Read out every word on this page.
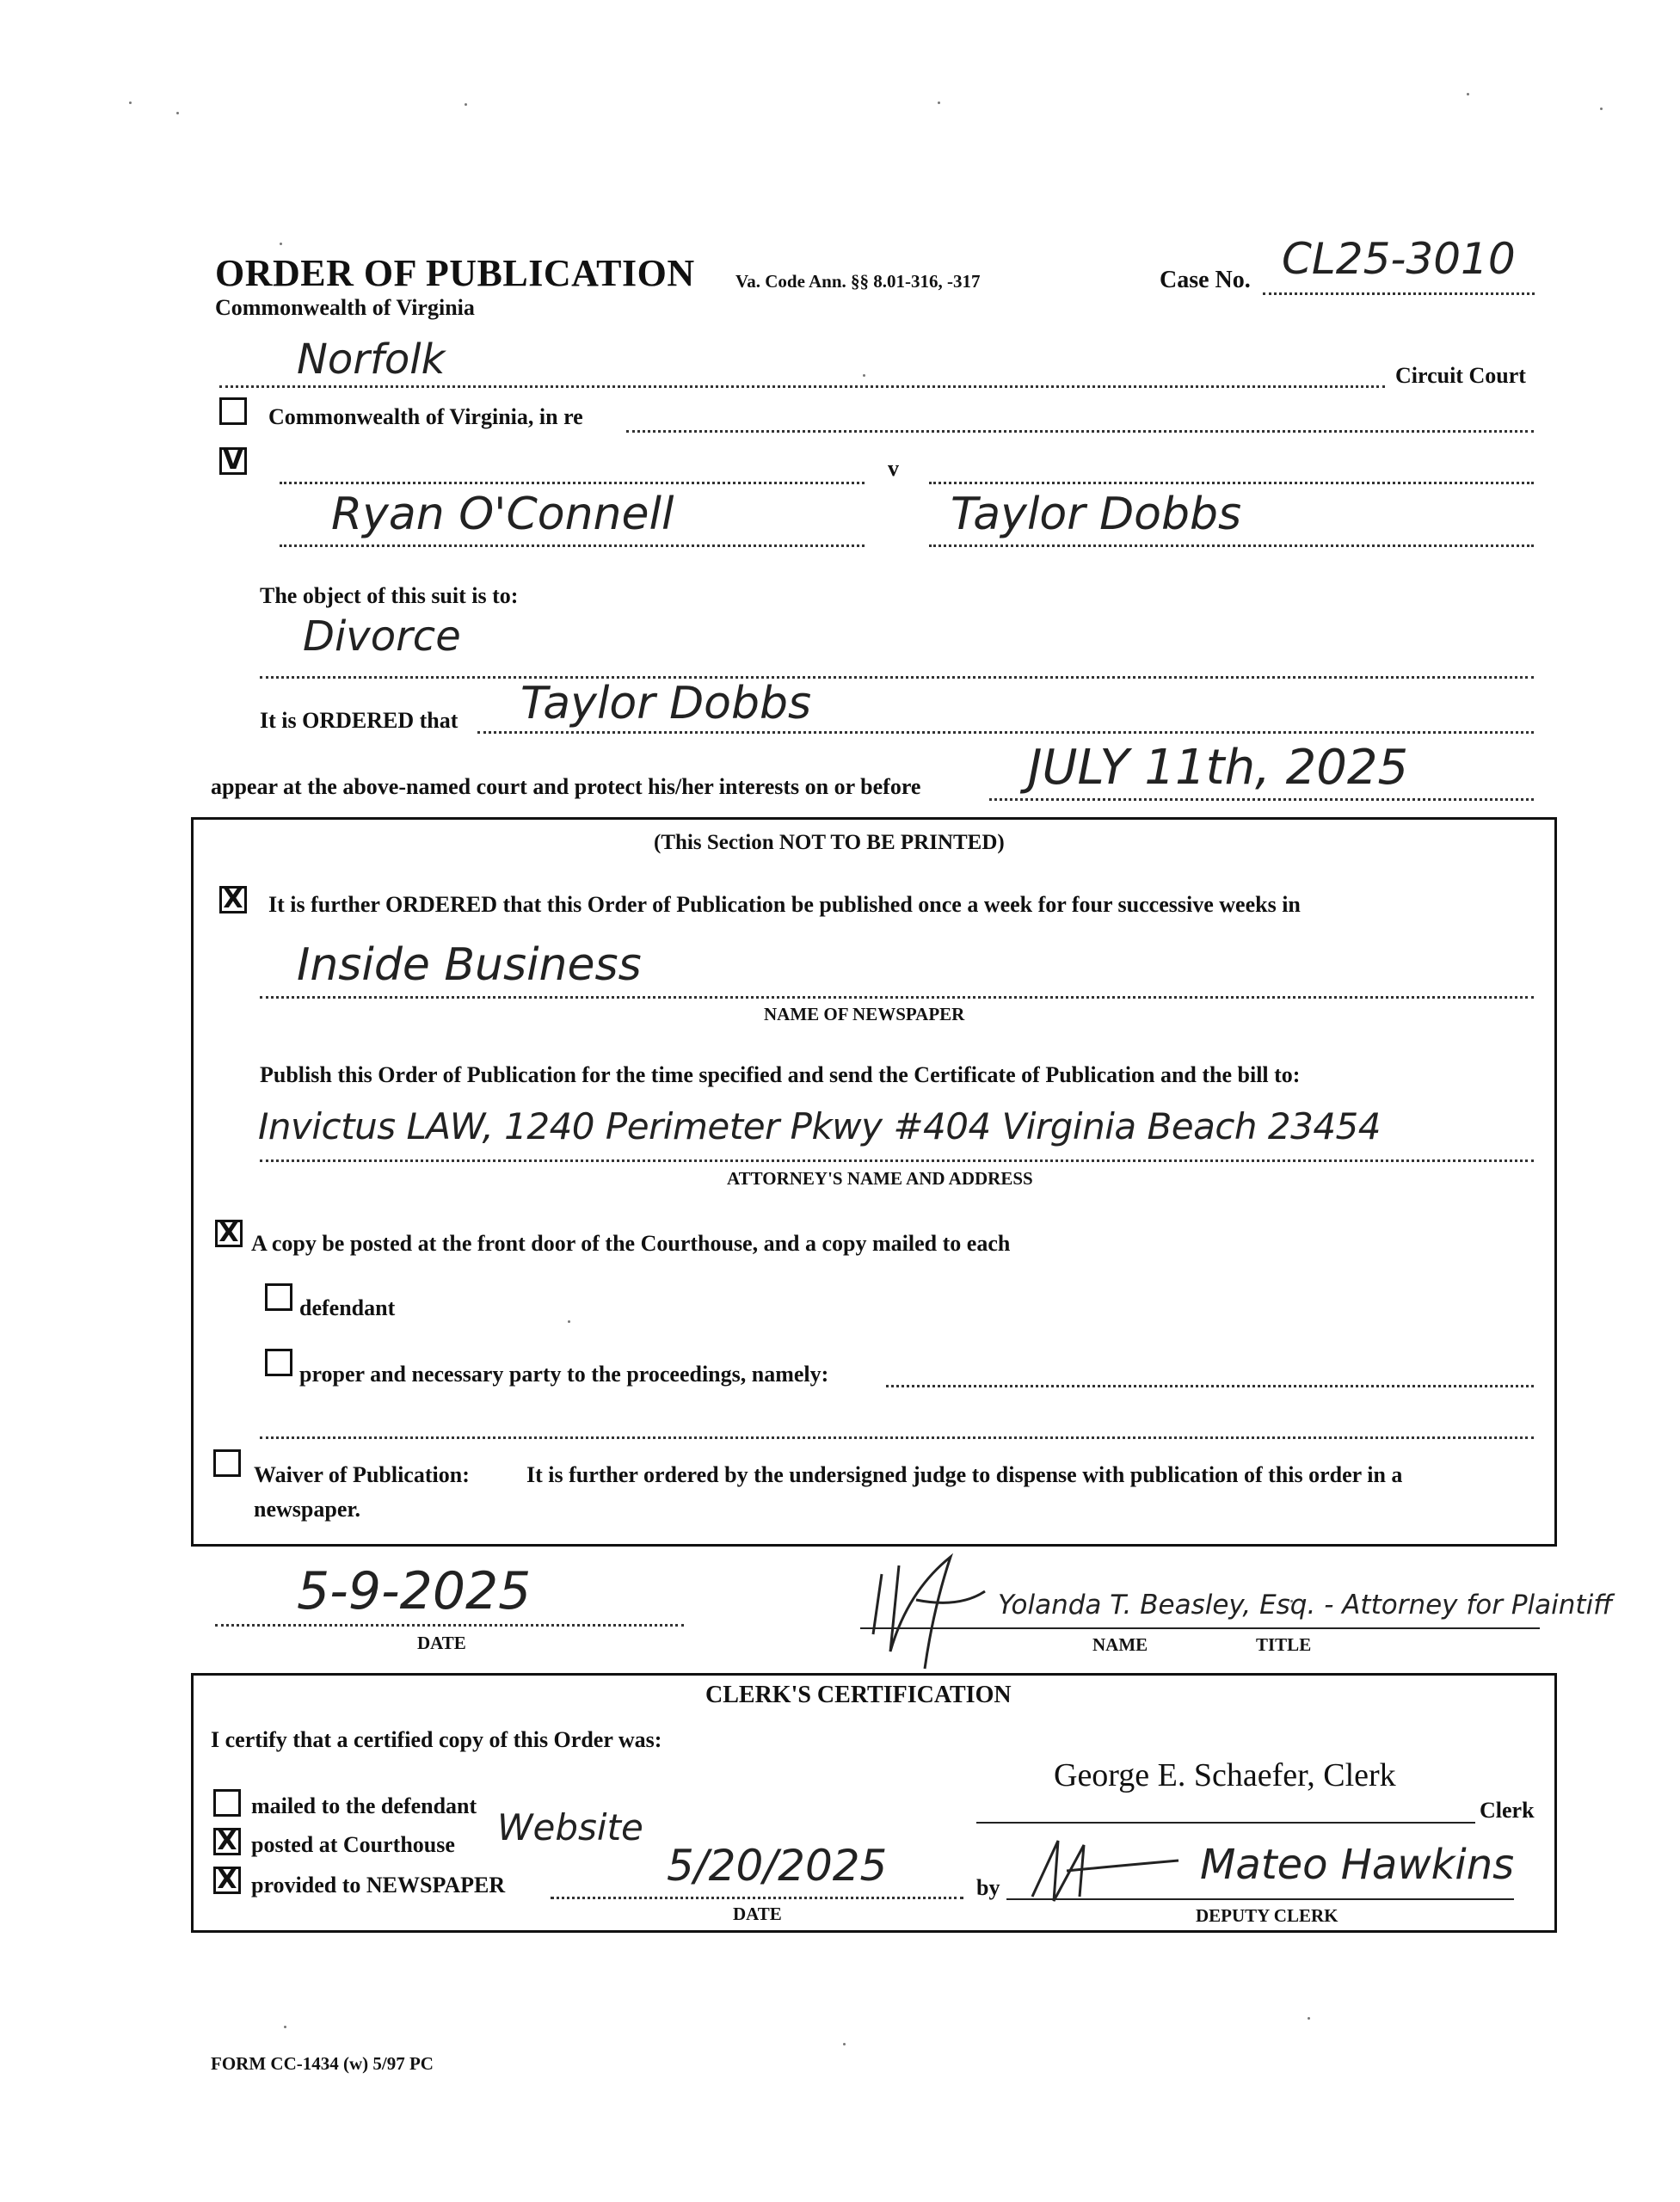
ORDER OF PUBLICATION
Commonwealth of Virginia
Va. Code Ann. §§ 8.01-316, -317	Case No. CL25-3010
Norfolk	Circuit Court
Commonwealth of Virginia, in re
V	v
Ryan O'Connell	Taylor Dobbs
The object of this suit is to:
Divorce
It is ORDERED that Taylor Dobbs
appear at the above-named court and protect his/her interests on or before JULY 11th, 2025
(This Section NOT TO BE PRINTED)
X It is further ORDERED that this Order of Publication be published once a week for four successive weeks in
Inside Business
NAME OF NEWSPAPER
Publish this Order of Publication for the time specified and send the Certificate of Publication and the bill to:
Invictus LAW, 1240 Perimeter Pkwy #404 Virginia Beach 23454
ATTORNEY'S NAME AND ADDRESS
X A copy be posted at the front door of the Courthouse, and a copy mailed to each
defendant
proper and necessary party to the proceedings, namely:
Waiver of Publication:	It is further ordered by the undersigned judge to dispense with publication of this order in a
newspaper.
5-9-2025
DATE
Yolanda T. Beasley, Esq. - Attorney for Plaintiff
NAME	TITLE
CLERK'S CERTIFICATION
I certify that a certified copy of this Order was:
George E. Schaefer, Clerk
Clerk
mailed to the defendant
X posted at Courthouse Website
X provided to NEWSPAPER	5/20/2025
DATE
by	Mateo Hawkins
DEPUTY CLERK
FORM CC-1434 (w) 5/97 PC
